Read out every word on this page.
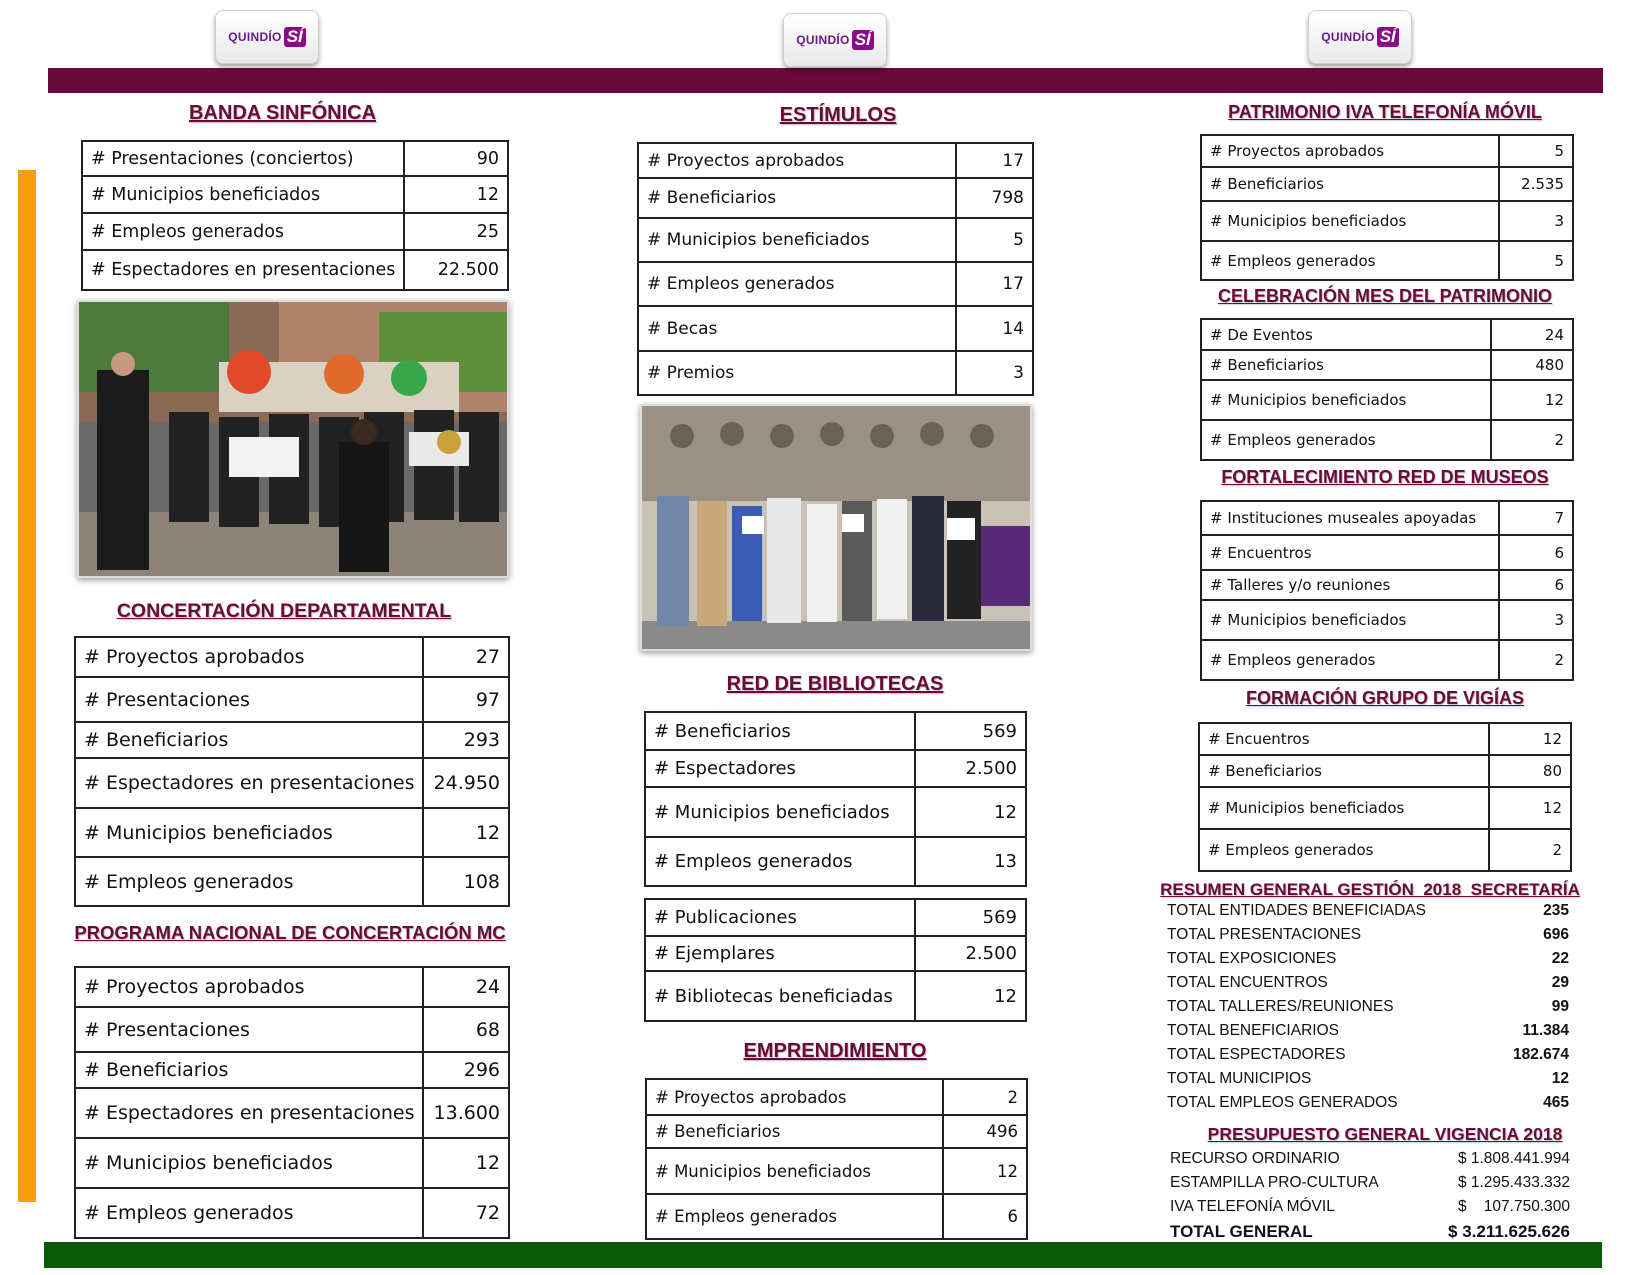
QUINDÍO SÍ	QUINDÍO SÍ	QUINDÍO SÍ
BANDA SINFÓNICA
# Presentaciones (conciertos)	90
# Municipios beneficiados	12
# Empleos generados	25
# Espectadores en presentaciones	22.500
CONCERTACIÓN DEPARTAMENTAL
# Proyectos aprobados	27
# Presentaciones	97
# Beneficiarios	293
# Espectadores en presentaciones	24.950
# Municipios beneficiados	12
# Empleos generados	108
PROGRAMA NACIONAL DE CONCERTACIÓN MC
# Proyectos aprobados	24
# Presentaciones	68
# Beneficiarios	296
# Espectadores en presentaciones	13.600
# Municipios beneficiados	12
# Empleos generados	72
ESTÍMULOS
# Proyectos aprobados	17
# Beneficiarios	798
# Municipios beneficiados	5
# Empleos generados	17
# Becas	14
# Premios	3
RED DE BIBLIOTECAS
# Beneficiarios	569
# Espectadores	2.500
# Municipios beneficiados	12
# Empleos generados	13
# Publicaciones	569
# Ejemplares	2.500
# Bibliotecas beneficiadas	12
EMPRENDIMIENTO
# Proyectos aprobados	2
# Beneficiarios	496
# Municipios beneficiados	12
# Empleos generados	6
PATRIMONIO IVA TELEFONÍA MÓVIL
# Proyectos aprobados	5
# Beneficiarios	2.535
# Municipios beneficiados	3
# Empleos generados	5
CELEBRACIÓN MES DEL PATRIMONIO
# De Eventos	24
# Beneficiarios	480
# Municipios beneficiados	12
# Empleos generados	2
FORTALECIMIENTO RED DE MUSEOS
# Instituciones museales apoyadas	7
# Encuentros	6
# Talleres y/o reuniones	6
# Municipios beneficiados	3
# Empleos generados	2
FORMACIÓN GRUPO DE VIGÍAS
# Encuentros	12
# Beneficiarios	80
# Municipios beneficiados	12
# Empleos generados	2
RESUMEN GENERAL GESTIÓN  2018  SECRETARÍA
TOTAL ENTIDADES BENEFICIADAS	235
TOTAL PRESENTACIONES	696
TOTAL EXPOSICIONES	22
TOTAL ENCUENTROS	29
TOTAL TALLERES/REUNIONES	99
TOTAL BENEFICIARIOS	11.384
TOTAL ESPECTADORES	182.674
TOTAL MUNICIPIOS	12
TOTAL EMPLEOS GENERADOS	465
PRESUPUESTO GENERAL VIGENCIA 2018
RECURSO ORDINARIO	$ 1.808.441.994
ESTAMPILLA PRO-CULTURA	$ 1.295.433.332
IVA TELEFONÍA MÓVIL	$    107.750.300
TOTAL GENERAL	$ 3.211.625.626
